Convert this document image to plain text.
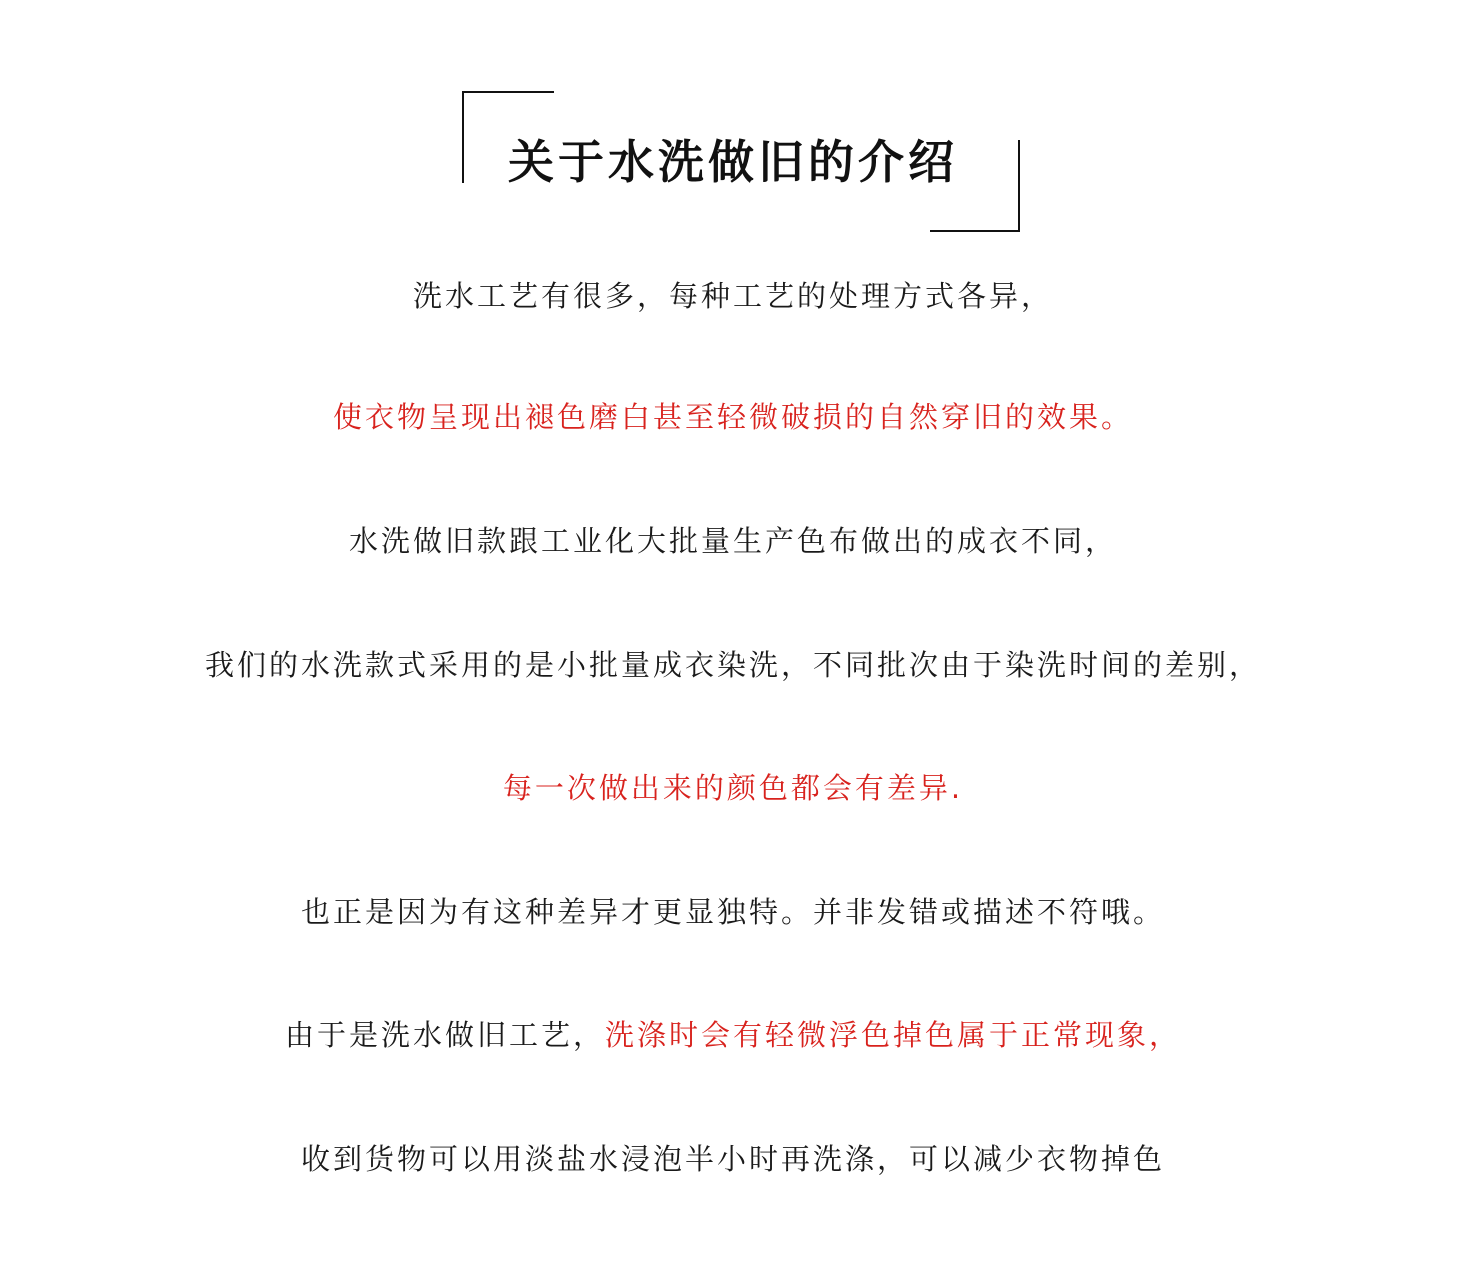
关于水洗做旧的介绍
洗水工艺有很多，每种工艺的处理方式各异，
使衣物呈现出褪色磨白甚至轻微破损的自然穿旧的效果。
水洗做旧款跟工业化大批量生产色布做出的成衣不同，
我们的水洗款式采用的是小批量成衣染洗，不同批次由于染洗时间的差别，
每一次做出来的颜色都会有差异.
也正是因为有这种差异才更显独特。并非发错或描述不符哦。
由于是洗水做旧工艺，洗涤时会有轻微浮色掉色属于正常现象，
收到货物可以用淡盐水浸泡半小时再洗涤，可以减少衣物掉色
